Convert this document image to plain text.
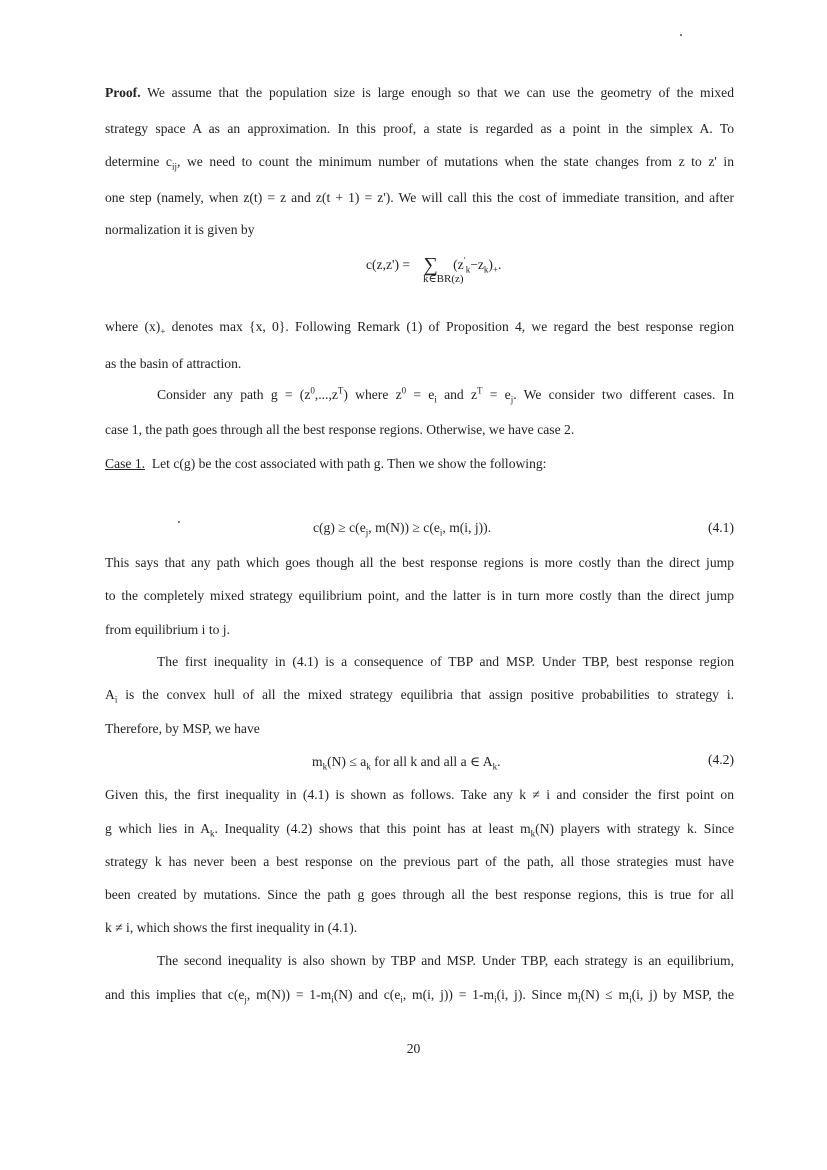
Proof. We assume that the population size is large enough so that we can use the geometry of the mixed
strategy space A as an approximation. In this proof, a state is regarded as a point in the simplex A. To
determine $c_{ij}$, we need to count the minimum number of mutations when the state changes from z to z' in
one step (namely, when z(t) = z and z(t + 1) = z'). We will call this the cost of immediate transition, and after
normalization it is given by
c(z,z') = ∑ $(z'_k-z_k)_+$.
k∈BR(z)
where $(x)_+$ denotes max {x, 0}. Following Remark (1) of Proposition 4, we regard the best response region
as the basin of attraction.
Consider any path $g = (z^0,...,z^T)$ where $z^0 = e_i$ and $z^T = e_j$. We consider two different cases. In
case 1, the path goes through all the best response regions. Otherwise, we have case 2.
Case 1. Let c(g) be the cost associated with path g. Then we show the following:
$c(g) \ge c(e_j$, $m(N)) \ge c(e_i$, m(i, j)).	(4.1)
This says that any path which goes though all the best response regions is more costly than the direct jump
to the completely mixed strategy equilibrium point, and the latter is in turn more costly than the direct jump
from equilibrium i to j.
The first inequality in (4.1) is a consequence of TBP and MSP. Under TBP, best response region
$A_i$ is the convex hull of all the mixed strategy equilibria that assign positive probabilities to strategy i.
Therefore, by MSP, we have
$m_k(N) \le a_k$ for all k and all a ∈ $A_k$.	(4.2)
Given this, the first inequality in (4.1) is shown as follows. Take any k ≠ i and consider the first point on
g which lies in $A_k$. Inequality (4.2) shows that this point has at least $m_k(N)$ players with strategy k. Since
strategy k has never been a best response on the previous part of the path, all those strategies must have
been created by mutations. Since the path g goes through all the best response regions, this is true for all
k ≠ i, which shows the first inequality in (4.1).
The second inequality is also shown by TBP and MSP. Under TBP, each strategy is an equilibrium,
and this implies that $c(e_j$, $m(N)) = 1-m_i(N)$ and $c(e_i$, m(i, $j)) = 1-m_i(i$, j). Since $m_i(N) \le m_i(i$, j) by MSP, the
20
